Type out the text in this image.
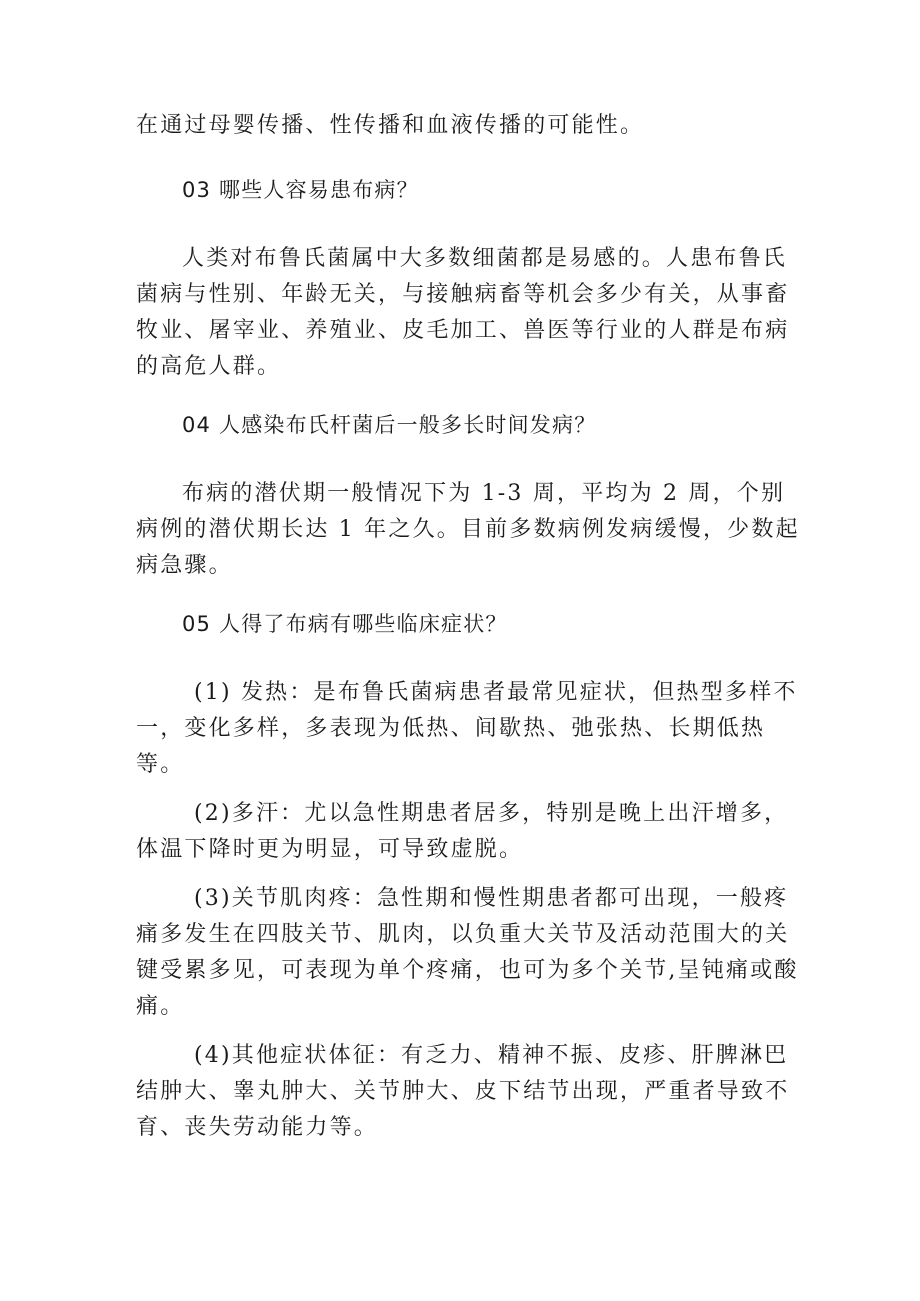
在通过母婴传播、性传播和血液传播的可能性。

03 哪些人容易患布病？

人类对布鲁氏菌属中大多数细菌都是易感的。人患布鲁氏菌病与性别、年龄无关，与接触病畜等机会多少有关，从事畜牧业、屠宰业、养殖业、皮毛加工、兽医等行业的人群是布病的高危人群。

04 人感染布氏杆菌后一般多长时间发病？

布病的潜伏期一般情况下为 1-3 周，平均为 2 周，个别病例的潜伏期长达 1 年之久。目前多数病例发病缓慢，少数起病急骤。

05 人得了布病有哪些临床症状？

(1) 发热：是布鲁氏菌病患者最常见症状，但热型多样不一，变化多样，多表现为低热、间歇热、弛张热、长期低热等。

(2)多汗：尤以急性期患者居多，特别是晚上出汗增多，体温下降时更为明显，可导致虚脱。

(3)关节肌肉疼：急性期和慢性期患者都可出现，一般疼痛多发生在四肢关节、肌肉，以负重大关节及活动范围大的关键受累多见，可表现为单个疼痛，也可为多个关节,呈钝痛或酸痛。

(4)其他症状体征：有乏力、精神不振、皮疹、肝脾淋巴结肿大、睾丸肿大、关节肿大、皮下结节出现，严重者导致不育、丧失劳动能力等。
